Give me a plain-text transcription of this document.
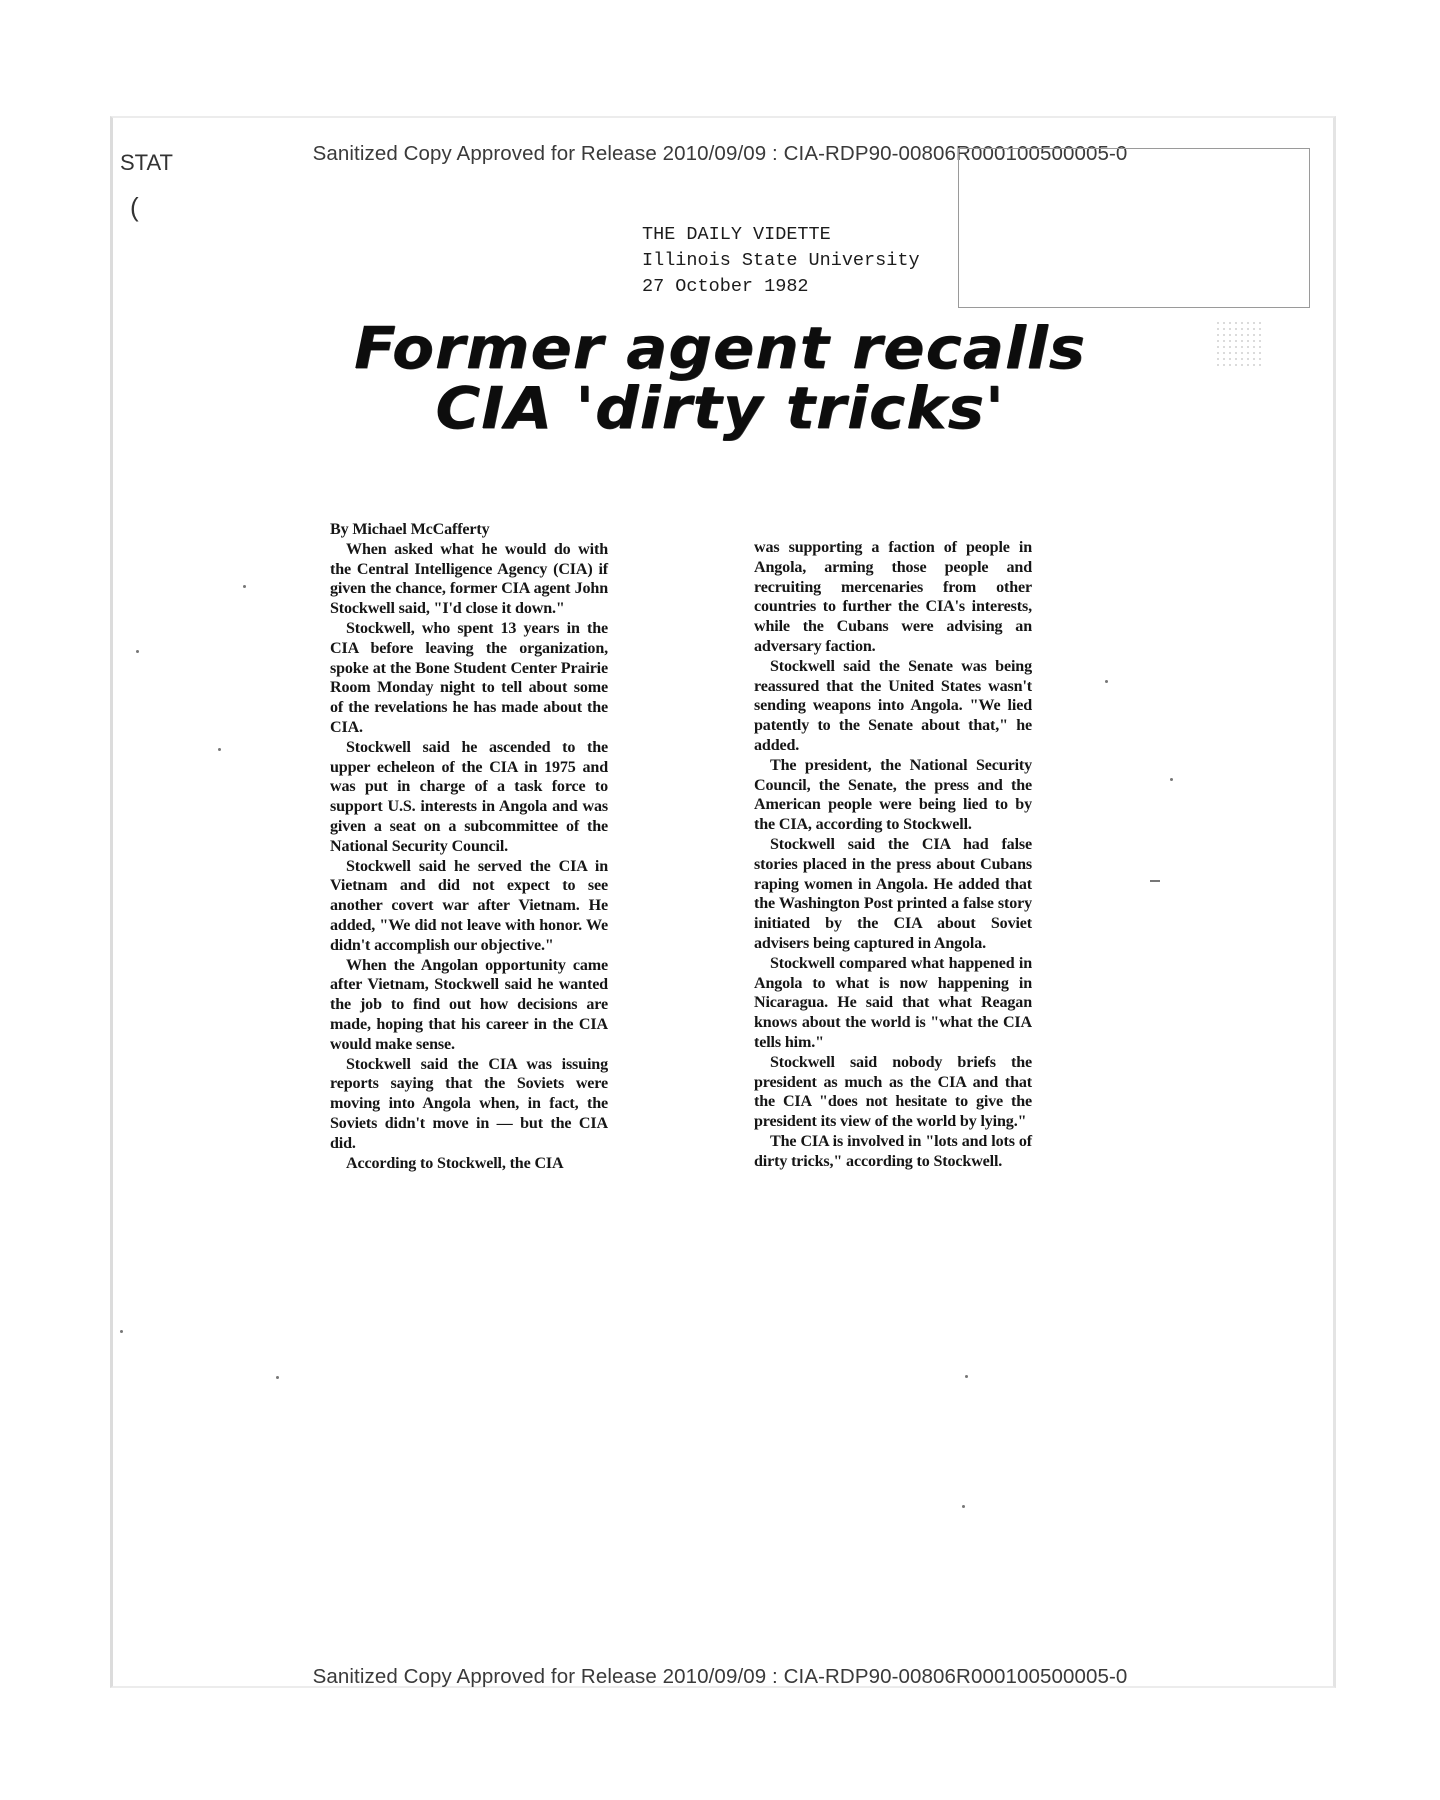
Sanitized Copy Approved for Release 2010/09/09 : CIA-RDP90-00806R000100500005-0
STAT
(
THE DAILY VIDETTE
Illinois State University
27 October 1982
Former agent recalls
CIA 'dirty tricks'

By Michael McCafferty

When asked what he would do with the Central Intelligence Agency (CIA) if given the chance, former CIA agent John Stockwell said, "I'd close it down."

Stockwell, who spent 13 years in the CIA before leaving the organization, spoke at the Bone Student Center Prairie Room Monday night to tell about some of the revelations he has made about the CIA.

Stockwell said he ascended to the upper echeleon of the CIA in 1975 and was put in charge of a task force to support U.S. interests in Angola and was given a seat on a subcommittee of the National Security Council.

Stockwell said he served the CIA in Vietnam and did not expect to see another covert war after Vietnam. He added, "We did not leave with honor. We didn't accomplish our objective."

When the Angolan opportunity came after Vietnam, Stockwell said he wanted the job to find out how decisions are made, hoping that his career in the CIA would make sense.

Stockwell said the CIA was issuing reports saying that the Soviets were moving into Angola when, in fact, the Soviets didn't move in — but the CIA did.

According to Stockwell, the CIA

was supporting a faction of people in Angola, arming those people and recruiting mercenaries from other countries to further the CIA's interests, while the Cubans were advising an adversary faction.

Stockwell said the Senate was being reassured that the United States wasn't sending weapons into Angola. "We lied patently to the Senate about that," he added.

The president, the National Security Council, the Senate, the press and the American people were being lied to by the CIA, according to Stockwell.

Stockwell said the CIA had false stories placed in the press about Cubans raping women in Angola. He added that the Washington Post printed a false story initiated by the CIA about Soviet advisers being captured in Angola.

Stockwell compared what happened in Angola to what is now happening in Nicaragua. He said that what Reagan knows about the world is "what the CIA tells him."

Stockwell said nobody briefs the president as much as the CIA and that the CIA "does not hesitate to give the president its view of the world by lying."

The CIA is involved in "lots and lots of dirty tricks," according to Stockwell.

Sanitized Copy Approved for Release 2010/09/09 : CIA-RDP90-00806R000100500005-0
